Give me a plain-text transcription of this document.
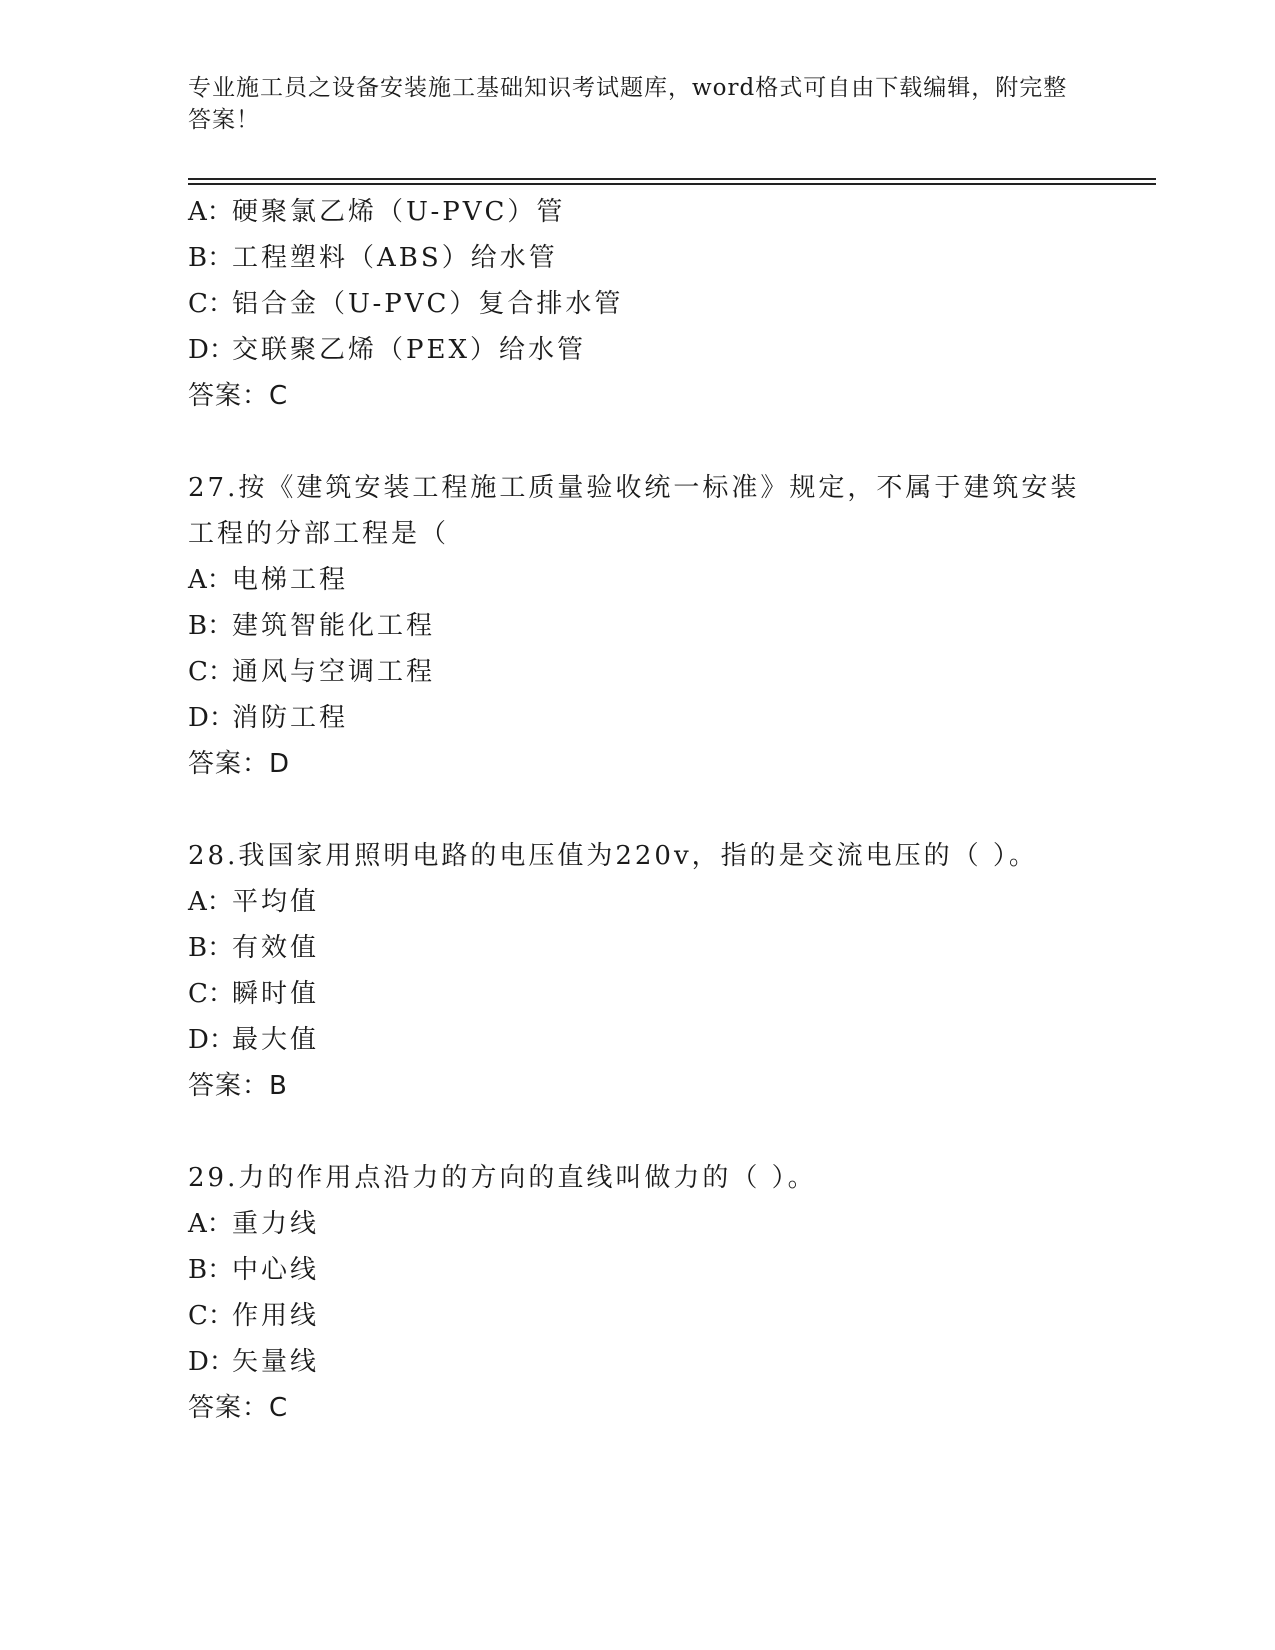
专业施工员之设备安装施工基础知识考试题库，word格式可自由下载编辑，附完整答案！
A：硬聚氯乙烯（U-PVC）管
B：工程塑料（ABS）给水管
C：铝合金（U-PVC）复合排水管
D：交联聚乙烯（PEX）给水管
答案：C
27.按《建筑安装工程施工质量验收统一标准》规定，不属于建筑安装工程的分部工程是（
A：电梯工程
B：建筑智能化工程
C：通风与空调工程
D：消防工程
答案：D
28.我国家用照明电路的电压值为220v，指的是交流电压的（ ）。
A：平均值
B：有效值
C：瞬时值
D：最大值
答案：B
29.力的作用点沿力的方向的直线叫做力的（ ）。
A：重力线
B：中心线
C：作用线
D：矢量线
答案：C
